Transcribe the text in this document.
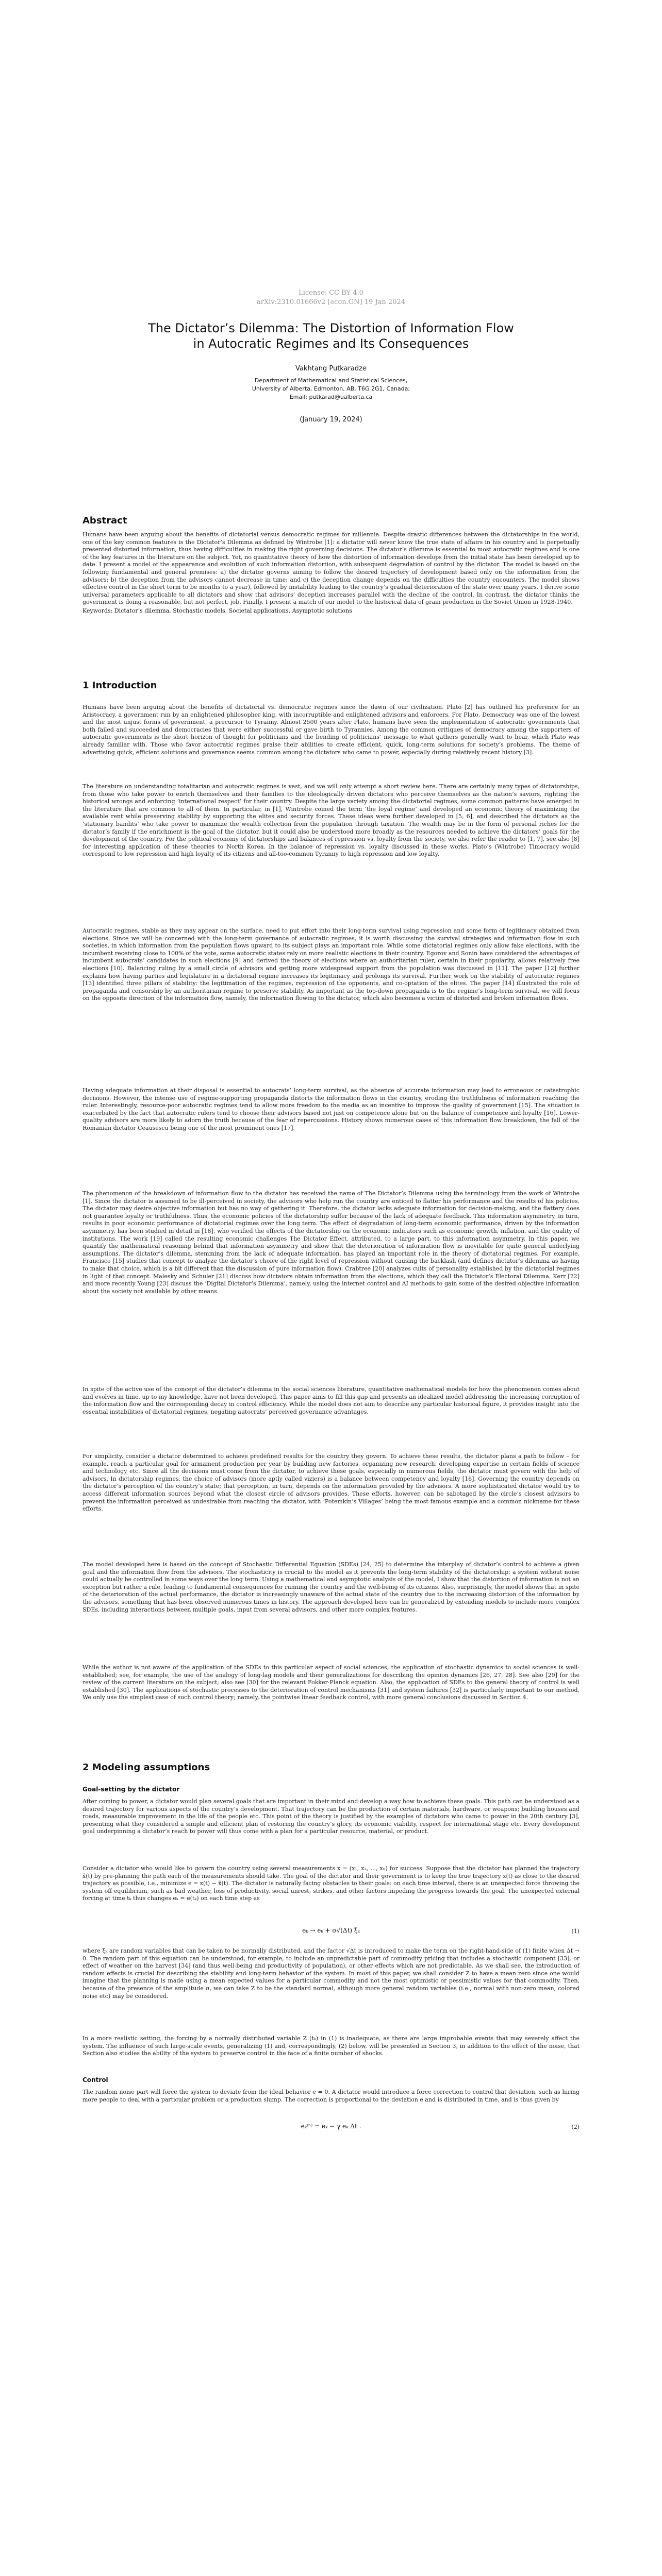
License: CC BY 4.0
arXiv:2310.01666v2 [econ.GN] 19 Jan 2024
The Dictator’s Dilemma: The Distortion of Information Flow in Autocratic Regimes and Its Consequences
Vakhtang Putkaradze
Department of Mathematical and Statistical Sciences,
University of Alberta, Edmonton, AB, T6G 2G1, Canada;
Email: putkarad@ualberta.ca
(January 19, 2024)
Abstract

Humans have been arguing about the benefits of dictatorial versus democratic regimes for millennia. Despite drastic differences between the dictatorships in the world, one of the key common features is the Dictator’s Dilemma as defined by Wintrobe [1]: a dictator will never know the true state of affairs in his country and is perpetually presented distorted information, thus having difficulties in making the right governing decisions. The dictator’s dilemma is essential to most autocratic regimes and is one of the key features in the literature on the subject. Yet, no quantitative theory of how the distortion of information develops from the initial state has been developed up to date. I present a model of the appearance and evolution of such information distortion, with subsequent degradation of control by the dictator. The model is based on the following fundamental and general premises: a) the dictator governs aiming to follow the desired trajectory of development based only on the information from the advisors; b) the deception from the advisors cannot decrease in time; and c) the deception change depends on the difficulties the country encounters. The model shows effective control in the short term to be months to a year), followed by instability leading to the country’s gradual deterioration of the state over many years. I derive some universal parameters applicable to all dictators and show that advisors’ deception increases parallel with the decline of the control. In contrast, the dictator thinks the government is doing a reasonable, but not perfect, job. Finally, I present a match of our model to the historical data of grain production in the Soviet Union in 1928-1940.

Keywords: Dictator’s dilemma, Stochastic models, Societal applications, Asymptotic solutions
1 Introduction

Humans have been arguing about the benefits of dictatorial vs. democratic regimes since the dawn of our civilization. Plato [2] has outlined his preference for an Aristocracy, a government run by an enlightened philosopher king, with incorruptible and enlightened advisors and enforcers. For Plato, Democracy was one of the lowest and the most unjust forms of government, a precursor to Tyranny. Almost 2500 years after Plato, humans have seen the implementation of autocratic governments that both failed and succeeded and democracies that were either successful or gave birth to Tyrannies. Among the common critiques of democracy among the supporters of autocratic governments is the short horizon of thought for politicians and the bending of politicians’ message to what gathers generally want to hear, which Plato was already familiar with. Those who favor autocratic regimes praise their abilities to create efficient, quick, long-term solutions for society’s problems. The theme of advertising quick, efficient solutions and governance seems common among the dictators who came to power, especially during relatively recent history [3].

The literature on understanding totalitarian and autocratic regimes is vast, and we will only attempt a short review here. There are certainly many types of dictatorships, from those who take power to enrich themselves and their families to the ideologically driven dictators who perceive themselves as the nation’s saviors, righting the historical wrongs and enforcing ‘international respect’ for their country. Despite the large variety among the dictatorial regimes, some common patterns have emerged in the literature that are common to all of them. In particular, in [1], Wintrobe coined the term ‘the loyal regime’ and developed an economic theory of maximizing the available rent while preserving stability by supporting the elites and security forces. These ideas were further developed in [5, 6], and described the dictators as the ‘stationary bandits’ who take power to maximize the wealth collection from the population through taxation. The wealth may be in the form of personal riches for the dictator’s family if the enrichment is the goal of the dictator, but it could also be understood more broadly as the resources needed to achieve the dictators’ goals for the development of the country. For the political economy of dictatorships and balances of repression vs. loyalty from the society, we also refer the reader to [1, 7], see also [8] for interesting application of these theories to North Korea. In the balance of repression vs. loyalty discussed in these works, Plato’s (Wintrobe) Timocracy would correspond to low repression and high loyalty of its citizens and all-too-common Tyranny to high repression and low loyalty.

Autocratic regimes, stable as they may appear on the surface, need to put effort into their long-term survival using repression and some form of legitimacy obtained from elections. Since we will be concerned with the long-term governance of autocratic regimes, it is worth discussing the survival strategies and information flow in such societies, in which information from the population flows upward to its subject plays an important role. While some dictatorial regimes only allow fake elections, with the incumbent receiving close to 100% of the vote, some autocratic states rely on more realistic elections in their country. Egorov and Sonin have considered the advantages of incumbent autocrats’ candidates in such elections [9] and derived the theory of elections where an authoritarian ruler, certain in their popularity, allows relatively free elections [10]. Balancing ruling by a small circle of advisors and getting more widespread support from the population was discussed in [11]. The paper [12] further explains how having parties and legislature in a dictatorial regime increases its legitimacy and prolongs its survival. Further work on the stability of autocratic regimes [13] identified three pillars of stability: the legitimation of the regimes, repression of the opponents, and co-optation of the elites. The paper [14] illustrated the role of propaganda and censorship by an authoritarian regime to preserve stability. As important as the top-down propaganda is to the regime’s long-term survival, we will focus on the opposite direction of the information flow, namely, the information flowing to the dictator, which also becomes a victim of distorted and broken information flows.

Having adequate information at their disposal is essential to autocrats’ long-term survival, as the absence of accurate information may lead to erroneous or catastrophic decisions. However, the intense use of regime-supporting propaganda distorts the information flows in the country, eroding the truthfulness of information reaching the ruler. Interestingly, resource-poor autocratic regimes tend to allow more freedom to the media as an incentive to improve the quality of government [15]. The situation is exacerbated by the fact that autocratic rulers tend to choose their advisors based not just on competence alone but on the balance of competence and loyalty [16]. Lower-quality advisors are more likely to adorn the truth because of the fear of repercussions. History shows numerous cases of this information flow breakdown, the fall of the Romanian dictator Ceausescu being one of the most prominent ones [17].

The phenomenon of the breakdown of information flow to the dictator has received the name of The Dictator’s Dilemma using the terminology from the work of Wintrobe [1]. Since the dictator is assumed to be ill-perceived in society, the advisors who help run the country are enticed to flatter his performance and the results of his policies. The dictator may desire objective information but has no way of gathering it. Therefore, the dictator lacks adequate information for decision-making, and the flattery does not guarantee loyalty or truthfulness. Thus, the economic policies of the dictatorship suffer because of the lack of adequate feedback. This information asymmetry, in turn, results in poor economic performance of dictatorial regimes over the long term. The effect of degradation of long-term economic performance, driven by the information asymmetry, has been studied in detail in [18], who verified the effects of the dictatorship on the economic indicators such as economic growth, inflation, and the quality of institutions. The work [19] called the resulting economic challenges The Dictator Effect, attributed, to a large part, to this information asymmetry. In this paper, we quantify the mathematical reasoning behind that information asymmetry and show that the deterioration of information flow is inevitable for quite general underlying assumptions. The dictator’s dilemma, stemming from the lack of adequate information, has played an important role in the theory of dictatorial regimes. For example, Francisco [15] studies that concept to analyze the dictator’s choice of the right level of repression without causing the backlash (and defines dictator’s dilemma as having to make that choice, which is a bit different than the discussion of pure information flow). Crabtree [20] analyzes cults of personality established by the dictatorial regimes in light of that concept. Malesky and Schuler [21] discuss how dictators obtain information from the elections, which they call the Dictator’s Electoral Dilemma. Kerr [22] and more recently Young [23] discuss the ‘Digital Dictator’s Dilemma’, namely, using the internet control and AI methods to gain some of the desired objective information about the society not available by other means.

In spite of the active use of the concept of the dictator’s dilemma in the social sciences literature, quantitative mathematical models for how the phenomenon comes about and evolves in time, up to my knowledge, have not been developed. This paper aims to fill this gap and presents an idealized model addressing the increasing corruption of the information flow and the corresponding decay in control efficiency. While the model does not aim to describe any particular historical figure, it provides insight into the essential instabilities of dictatorial regimes, negating autocrats’ perceived governance advantages.

For simplicity, consider a dictator determined to achieve predefined results for the country they govern. To achieve these results, the dictator plans a path to follow – for example, reach a particular goal for armament production per year by building new factories, organizing new research, developing expertise in certain fields of science and technology etc. Since all the decisions must come from the dictator, to achieve these goals, especially in numerous fields, the dictator must govern with the help of advisors. In dictatorship regimes, the choice of advisors (more aptly called viziers) is a balance between competency and loyalty [16]. Governing the country depends on the dictator’s perception of the country’s state; that perception, in turn, depends on the information provided by the advisors. A more sophisticated dictator would try to access different information sources beyond what the closest circle of advisors provides. These efforts, however, can be sabotaged by the circle’s closest advisors to prevent the information perceived as undesirable from reaching the dictator, with ‘Potemkin’s Villages’ being the most famous example and a common nickname for these efforts.

The model developed here is based on the concept of Stochastic Differential Equation (SDEs) [24, 25] to determine the interplay of dictator’s control to achieve a given goal and the information flow from the advisors. The stochasticity is crucial to the model as it prevents the long-term stability of the dictatorship: a system without noise could actually be controlled in some ways over the long term. Using a mathematical and asymptotic analysis of the model, I show that the distortion of information is not an exception but rather a rule, leading to fundamental consequences for running the country and the well-being of its citizens. Also, surprisingly, the model shows that in spite of the deterioration of the actual performance, the dictator is increasingly unaware of the actual state of the country due to the increasing distortion of the information by the advisors, something that has been observed numerous times in history. The approach developed here can be generalized by extending models to include more complex SDEs, including interactions between multiple goals, input from several advisors, and other more complex features.

While the author is not aware of the application of the SDEs to this particular aspect of social sciences, the application of stochastic dynamics to social sciences is well-established; see, for example, the use of the analogy of long-lag models and their generalizations for describing the opinion dynamics [26, 27, 28]. See also [29] for the review of the current literature on the subject; also see [30] for the relevant Fokker-Planck equation. Also, the application of SDEs to the general theory of control is well established [30]. The applications of stochastic processes to the deterioration of control mechanisms [31] and system failures [32] is particularly important to our method. We only use the simplest case of such control theory; namely, the pointwise linear feedback control, with more general conclusions discussed in Section 4.

2 Modeling assumptions
Goal-setting by the dictator

After coming to power, a dictator would plan several goals that are important in their mind and develop a way how to achieve these goals. This path can be understood as a desired trajectory for various aspects of the country’s development. That trajectory can be the production of certain materials, hardware, or weapons; building houses and roads, measurable improvement in the life of the people etc. This point of the theory is justified by the examples of dictators who came to power in the 20th century [3], presenting what they considered a simple and efficient plan of restoring the country’s glory, its economic viability, respect for international stage etc. Every development goal underpinning a dictator’s reach to power will thus come with a plan for a particular resource, material, or product.

Consider a dictator who would like to govern the country using several measurements x = (x₁, x₂, ..., xₙ) for success. Suppose that the dictator has planned the trajectory x̄(t) by pre-planning the path each of the measurements should take. The goal of the dictator and their government is to keep the true trajectory x(t) as close to the desired trajectory as possible, i.e., minimize e = x(t) − x̄(t). The dictator is naturally facing obstacles to their goals: on each time interval, there is an unexpected force throwing the system off equilibrium, such as bad weather, loss of productivity, social unrest, strikes, and other factors impeding the progress towards the goal. The unexpected external forcing at time tₖ thus changes eₖ = e(tₖ) on each time step as

eₖ → eₖ + σ√(Δt) ξₖ	(1)

where ξₖ are random variables that can be taken to be normally distributed, and the factor √Δt is introduced to make the term on the right-hand-side of (1) finite when Δt → 0. The random part of this equation can be understood, for example, to include an unpredictable part of commodity pricing that includes a stochastic component [33], or effect of weather on the harvest [34] (and thus well-being and productivity of population), or other effects which are not predictable. As we shall see, the introduction of random effects is crucial for describing the stability and long-term behavior of the system. In most of this paper, we shall consider Z to have a mean zero since one would imagine that the planning is made using a mean expected values for a particular commodity and not the most optimistic or pessimistic values for that commodity. Then, because of the presence of the amplitude σ, we can take Z to be the standard normal, although more general random variables (i.e., normal with non-zero mean, colored noise etc) may be considered.

In a more realistic setting, the forcing by a normally distributed variable Z (tₖ) in (1) is inadequate, as there are large improbable events that may severely affect the system. The influence of such large-scale events, generalizing (1) and, correspondingly, (2) below, will be presented in Section 3, in addition to the effect of the noise, that Section also studies the ability of the system to preserve control in the face of a finite number of shocks.

Control

The random noise part will force the system to deviate from the ideal behavior e = 0. A dictator would introduce a force correction to control that deviation, such as hiring more people to deal with a particular problem or a production slump. The correction is proportional to the deviation e and is distributed in time, and is thus given by

eₖ⁽ⁿ⁾ = eₖ − γ eₖ Δt .	(2)
